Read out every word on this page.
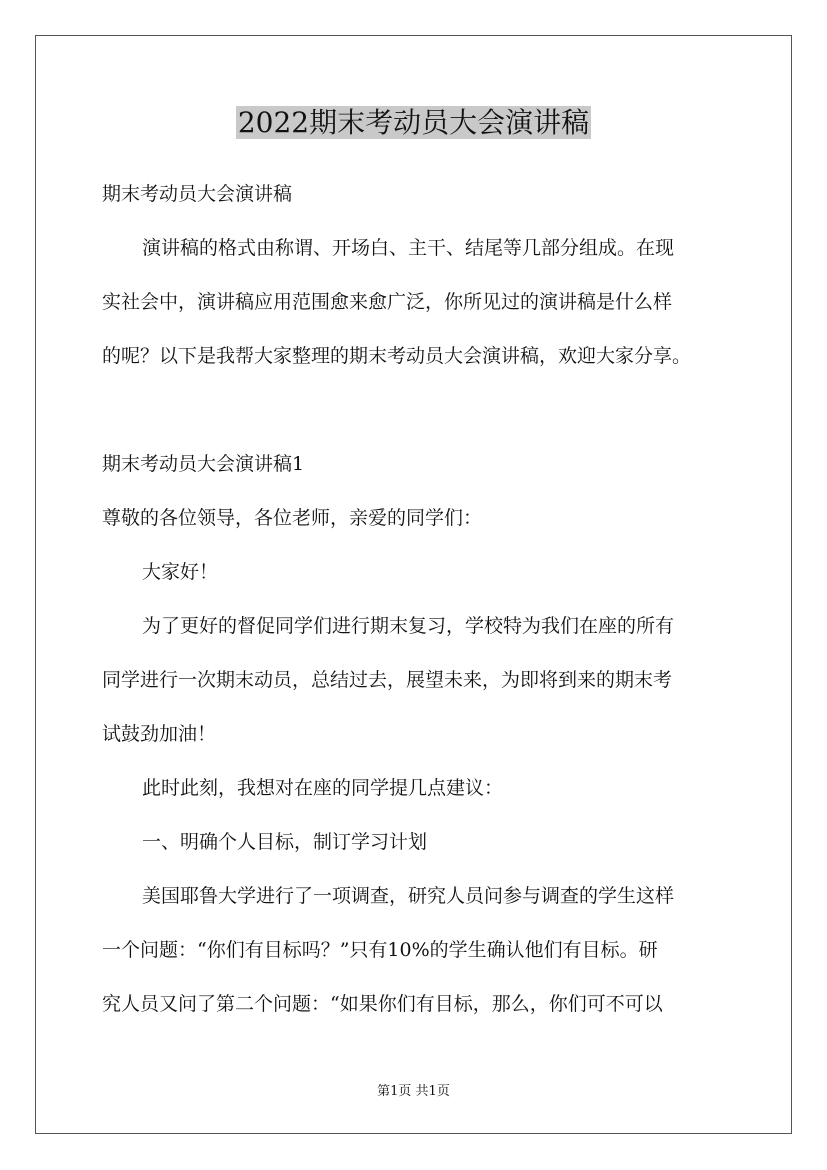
2022期末考动员大会演讲稿

期末考动员大会演讲稿

演讲稿的格式由称谓、开场白、主干、结尾等几部分组成。在现

实社会中，演讲稿应用范围愈来愈广泛，你所见过的演讲稿是什么样

的呢？以下是我帮大家整理的期末考动员大会演讲稿，欢迎大家分享。

期末考动员大会演讲稿1

尊敬的各位领导，各位老师，亲爱的同学们：

大家好！

为了更好的督促同学们进行期末复习，学校特为我们在座的所有

同学进行一次期末动员，总结过去，展望未来，为即将到来的期末考

试鼓劲加油！

此时此刻，我想对在座的同学提几点建议：

一、明确个人目标，制订学习计划

美国耶鲁大学进行了一项调查，研究人员问参与调查的学生这样

一个问题：“你们有目标吗？”只有10%的学生确认他们有目标。研

究人员又问了第二个问题：“如果你们有目标，那么，你们可不可以

第1页 共1页
